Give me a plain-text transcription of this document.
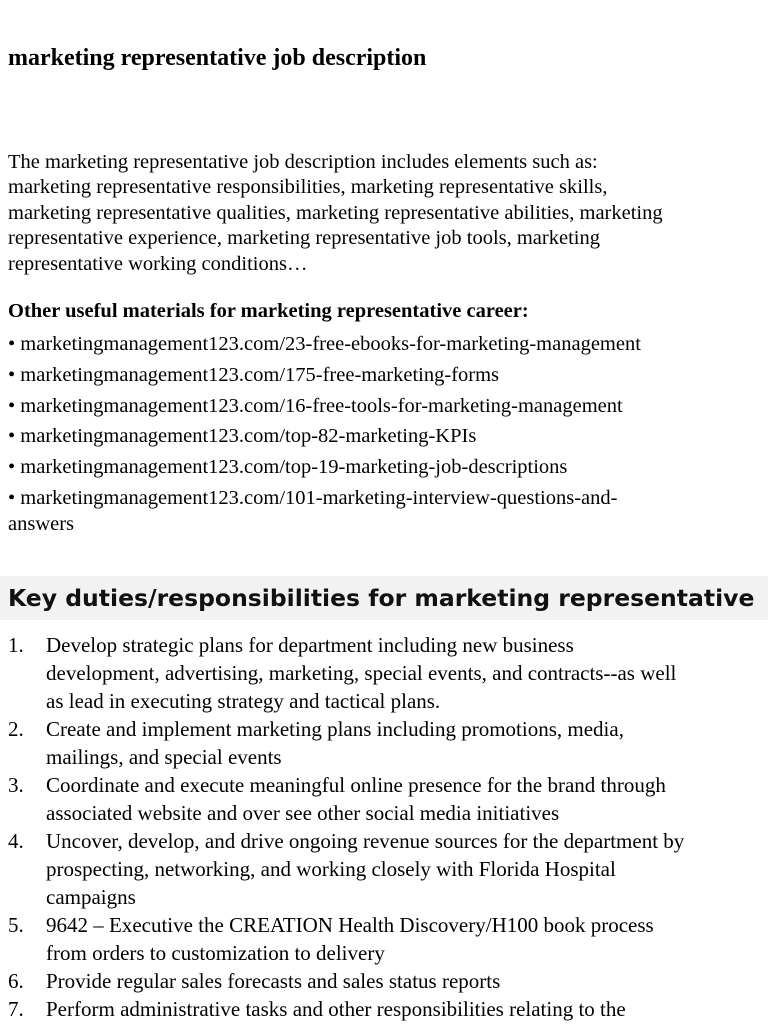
marketing representative job description
The marketing representative job description includes elements such as:
marketing representative responsibilities, marketing representative skills,
marketing representative qualities, marketing representative abilities, marketing
representative experience, marketing representative job tools, marketing
representative working conditions…
Other useful materials for marketing representative career:
• marketingmanagement123.com/23-free-ebooks-for-marketing-management
• marketingmanagement123.com/175-free-marketing-forms
• marketingmanagement123.com/16-free-tools-for-marketing-management
• marketingmanagement123.com/top-82-marketing-KPIs
• marketingmanagement123.com/top-19-marketing-job-descriptions
• marketingmanagement123.com/101-marketing-interview-questions-and-
answers
Key duties/responsibilities for marketing representative
1. Develop strategic plans for department including new business
development, advertising, marketing, special events, and contracts--as well
as lead in executing strategy and tactical plans.
2. Create and implement marketing plans including promotions, media,
mailings, and special events
3. Coordinate and execute meaningful online presence for the brand through
associated website and over see other social media initiatives
4. Uncover, develop, and drive ongoing revenue sources for the department by
prospecting, networking, and working closely with Florida Hospital
campaigns
5. 9642 – Executive the CREATION Health Discovery/H100 book process
from orders to customization to delivery
6. Provide regular sales forecasts and sales status reports
7. Perform administrative tasks and other responsibilities relating to the
